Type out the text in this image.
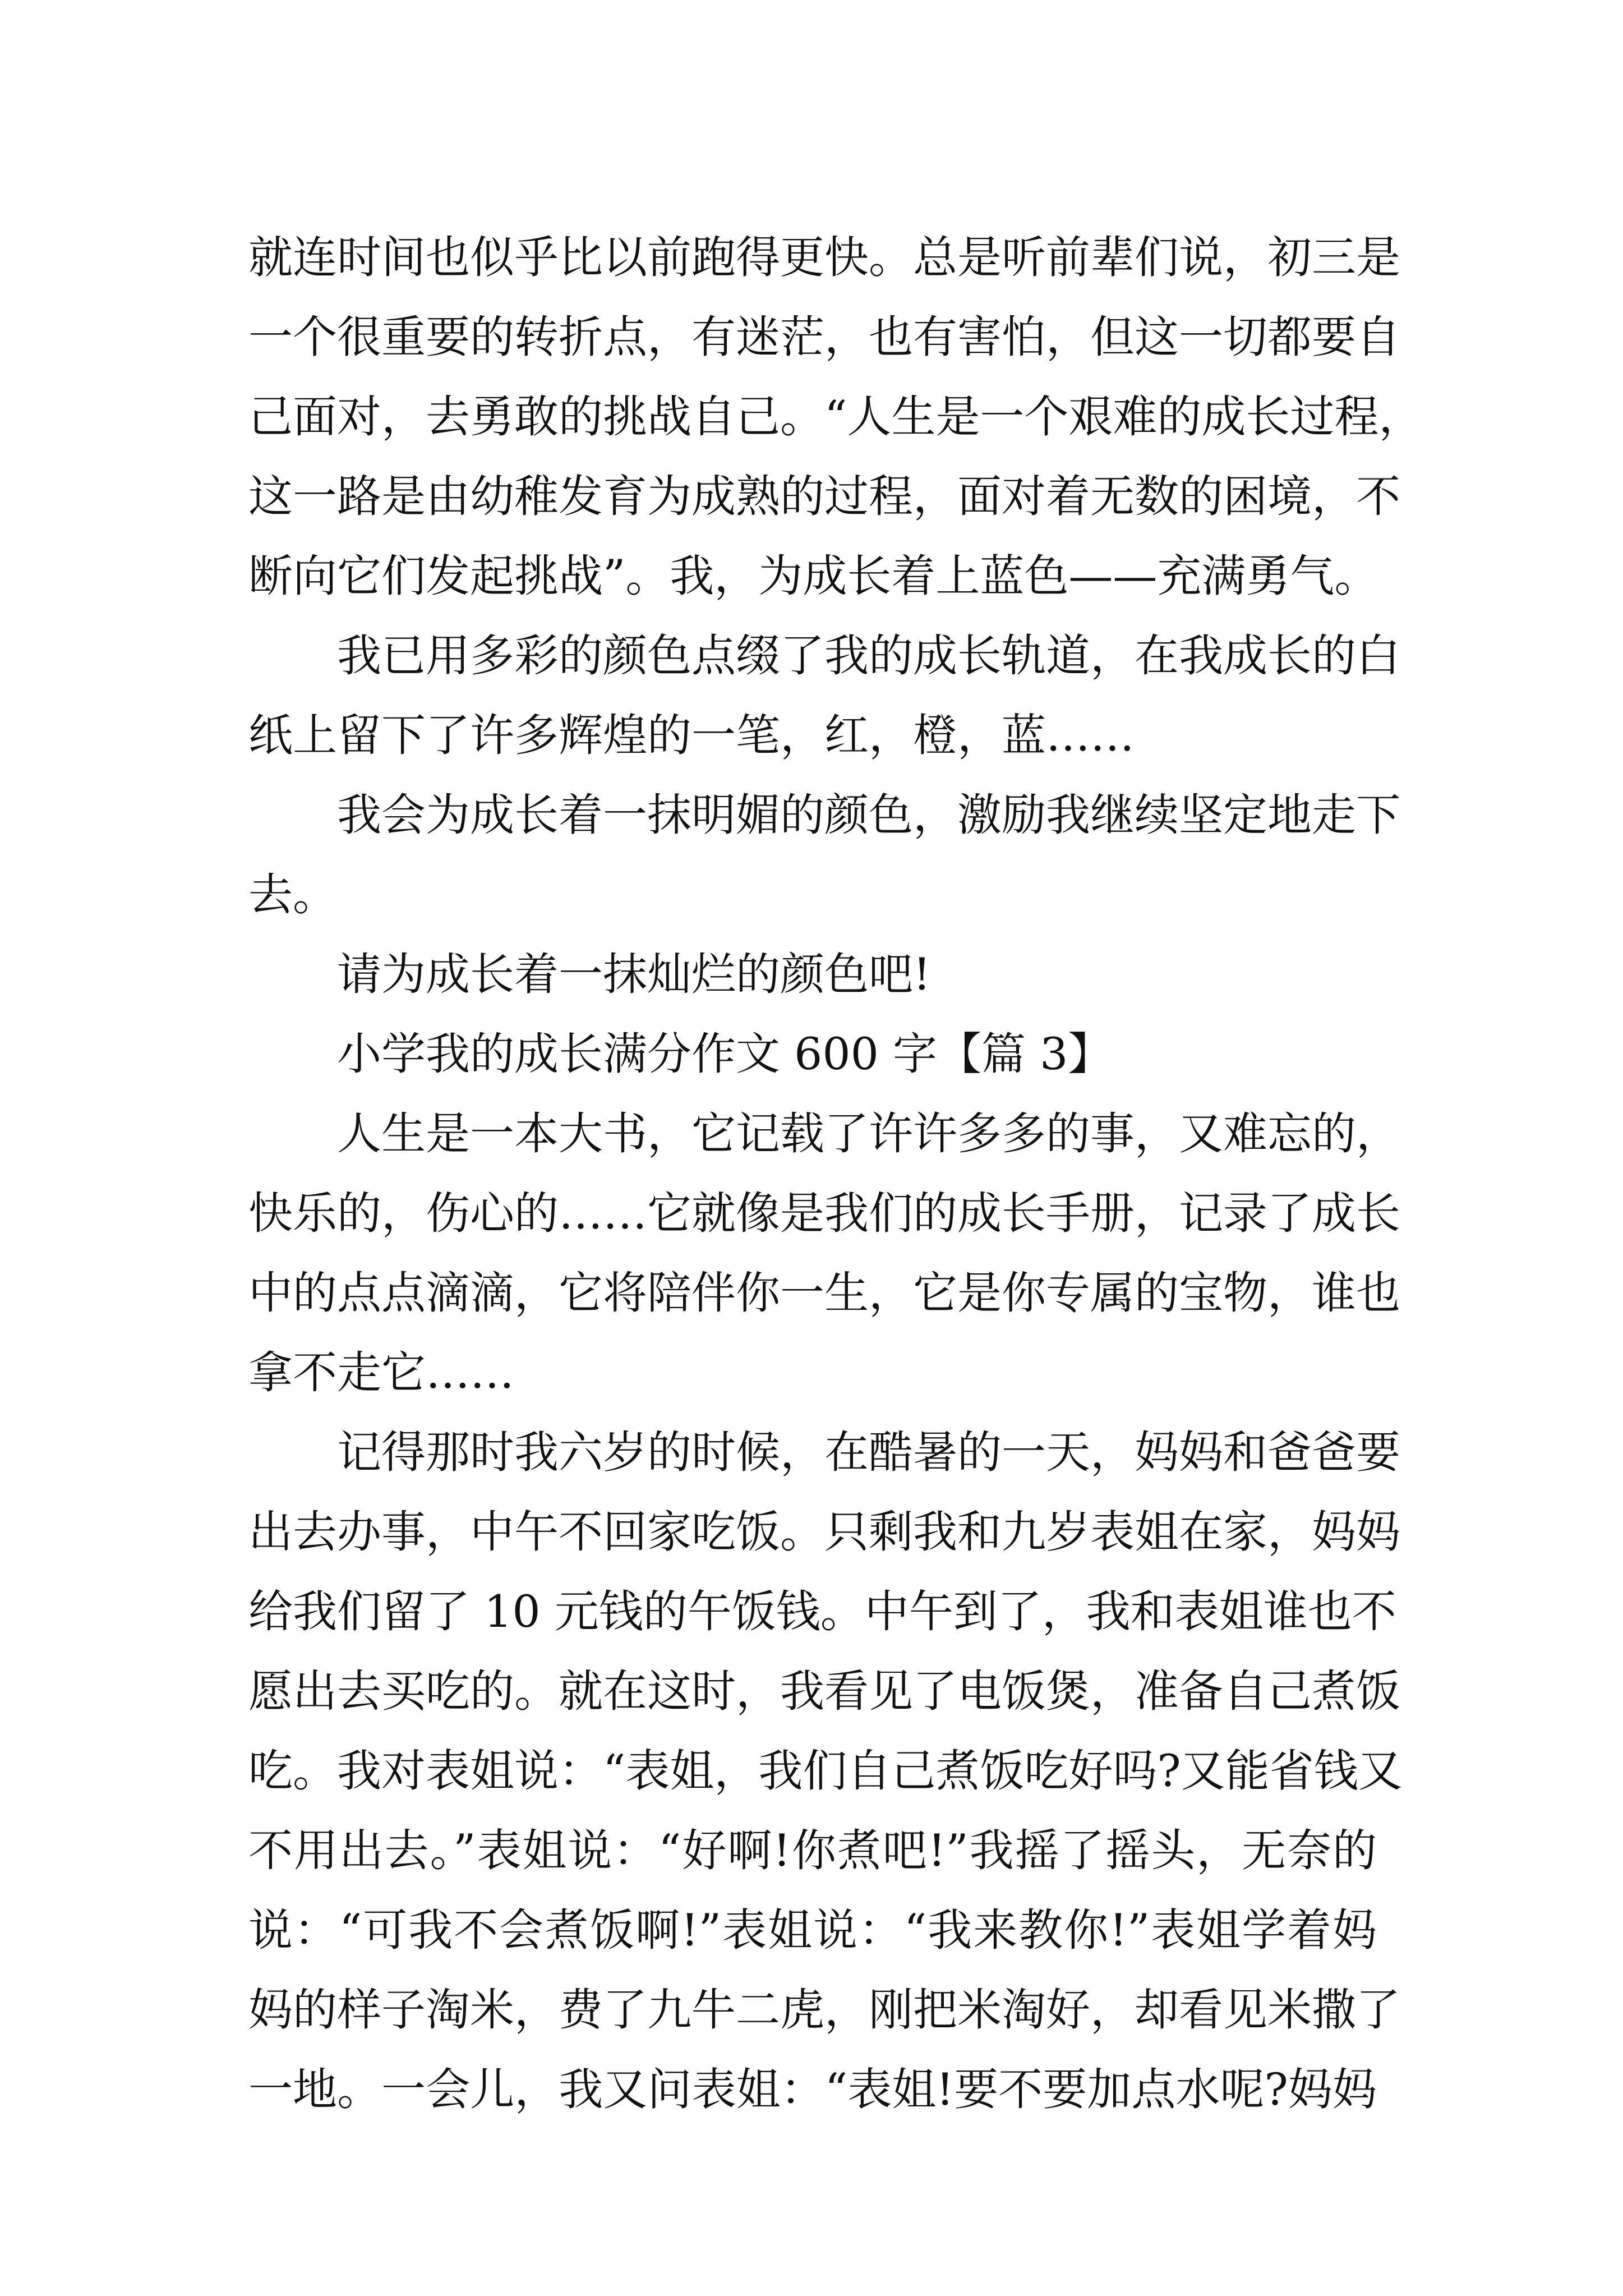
就连时间也似乎比以前跑得更快。总是听前辈们说，初三是
一个很重要的转折点，有迷茫，也有害怕，但这一切都要自
己面对，去勇敢的挑战自己。“人生是一个艰难的成长过程，
这一路是由幼稚发育为成熟的过程，面对着无数的困境，不
断向它们发起挑战”。我，为成长着上蓝色——充满勇气。
我已用多彩的颜色点缀了我的成长轨道，在我成长的白
纸上留下了许多辉煌的一笔，红，橙，蓝……
我会为成长着一抹明媚的颜色，激励我继续坚定地走下
去。
请为成长着一抹灿烂的颜色吧!
小学我的成长满分作文 600 字【篇 3】
人生是一本大书，它记载了许许多多的事，又难忘的，
快乐的，伤心的……它就像是我们的成长手册，记录了成长
中的点点滴滴，它将陪伴你一生，它是你专属的宝物，谁也
拿不走它……
记得那时我六岁的时候，在酷暑的一天，妈妈和爸爸要
出去办事，中午不回家吃饭。只剩我和九岁表姐在家，妈妈
给我们留了 10 元钱的午饭钱。中午到了，我和表姐谁也不
愿出去买吃的。就在这时，我看见了电饭煲，准备自己煮饭
吃。我对表姐说：“表姐，我们自己煮饭吃好吗?又能省钱又
不用出去。”表姐说：“好啊!你煮吧!”我摇了摇头，无奈的
说：“可我不会煮饭啊!”表姐说：“我来教你!”表姐学着妈
妈的样子淘米，费了九牛二虎，刚把米淘好，却看见米撒了
一地。一会儿，我又问表姐：“表姐!要不要加点水呢?妈妈
